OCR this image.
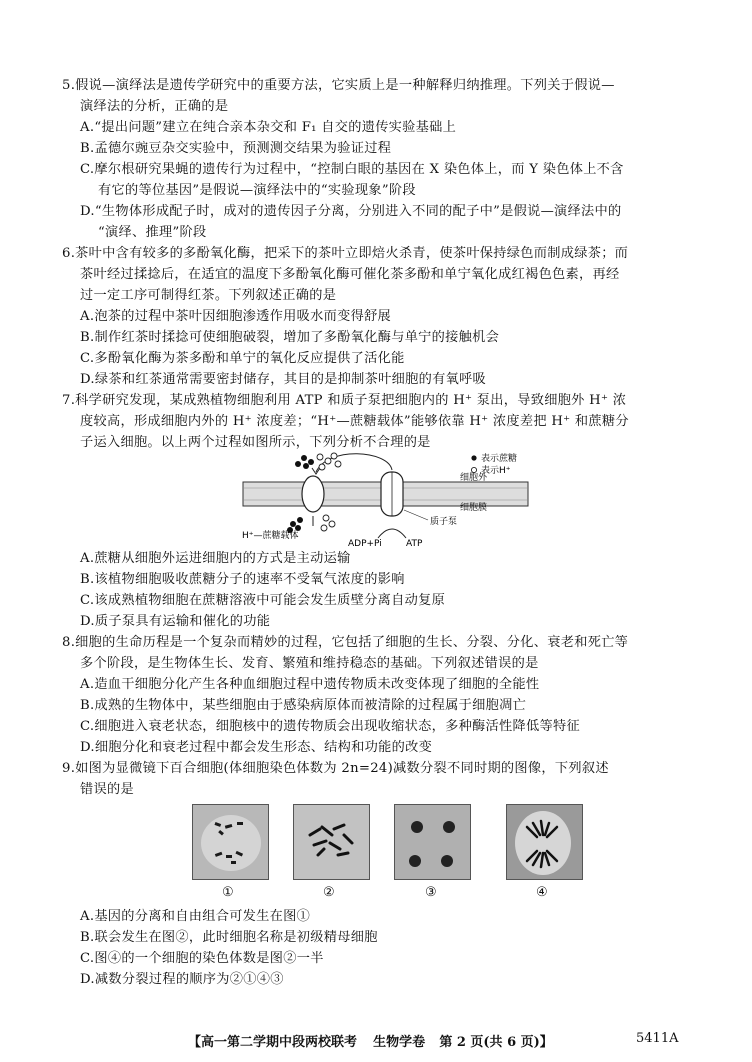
5.假说—演绎法是遗传学研究中的重要方法，它实质上是一种解释归纳推理。下列关于假说—
演绎法的分析，正确的是
A.“提出问题”建立在纯合亲本杂交和 F₁ 自交的遗传实验基础上
B.孟德尔豌豆杂交实验中，预测测交结果为验证过程
C.摩尔根研究果蝇的遗传行为过程中，“控制白眼的基因在 X 染色体上，而 Y 染色体上不含
有它的等位基因”是假说—演绎法中的“实验现象”阶段
D.“生物体形成配子时，成对的遗传因子分离，分别进入不同的配子中”是假说—演绎法中的
“演绎、推理”阶段
6.茶叶中含有较多的多酚氧化酶，把采下的茶叶立即焙火杀青，使茶叶保持绿色而制成绿茶；而
茶叶经过揉捻后，在适宜的温度下多酚氧化酶可催化茶多酚和单宁氧化成红褐色色素，再经
过一定工序可制得红茶。下列叙述正确的是
A.泡茶的过程中茶叶因细胞渗透作用吸水而变得舒展
B.制作红茶时揉捻可使细胞破裂，增加了多酚氧化酶与单宁的接触机会
C.多酚氧化酶为茶多酚和单宁的氧化反应提供了活化能
D.绿茶和红茶通常需要密封储存，其目的是抑制茶叶细胞的有氧呼吸
7.科学研究发现，某成熟植物细胞利用 ATP 和质子泵把细胞内的 H⁺ 泵出，导致细胞外 H⁺ 浓
度较高，形成细胞内外的 H⁺ 浓度差；“H⁺—蔗糖载体”能够依靠 H⁺ 浓度差把 H⁺ 和蔗糖分
子运入细胞。以上两个过程如图所示，下列分析不合理的是
表示蔗糖
表示H⁺
细胞外
细胞膜
质子泵
H⁺—蔗糖载体
ADP+Pi	ATP
A.蔗糖从细胞外运进细胞内的方式是主动运输
B.该植物细胞吸收蔗糖分子的速率不受氧气浓度的影响
C.该成熟植物细胞在蔗糖溶液中可能会发生质壁分离自动复原
D.质子泵具有运输和催化的功能
8.细胞的生命历程是一个复杂而精妙的过程，它包括了细胞的生长、分裂、分化、衰老和死亡等
多个阶段，是生物体生长、发育、繁殖和维持稳态的基础。下列叙述错误的是
A.造血干细胞分化产生各种血细胞过程中遗传物质未改变体现了细胞的全能性
B.成熟的生物体中，某些细胞由于感染病原体而被清除的过程属于细胞凋亡
C.细胞进入衰老状态，细胞核中的遗传物质会出现收缩状态，多种酶活性降低等特征
D.细胞分化和衰老过程中都会发生形态、结构和功能的改变
9.如图为显微镜下百合细胞(体细胞染色体数为 2n=24)减数分裂不同时期的图像，下列叙述
错误的是
①	②	③	④
A.基因的分离和自由组合可发生在图①
B.联会发生在图②，此时细胞名称是初级精母细胞
C.图④的一个细胞的染色体数是图②一半
D.减数分裂过程的顺序为②①④③
【高一第二学期中段两校联考 生物学卷 第 2 页(共 6 页)】	5411A
